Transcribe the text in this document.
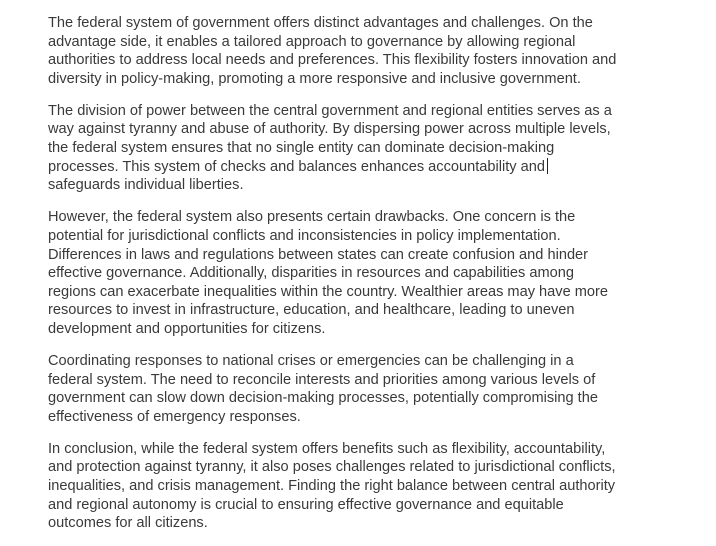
The federal system of government offers distinct advantages and challenges. On the
advantage side, it enables a tailored approach to governance by allowing regional
authorities to address local needs and preferences. This flexibility fosters innovation and
diversity in policy-making, promoting a more responsive and inclusive government.

The division of power between the central government and regional entities serves as a
way against tyranny and abuse of authority. By dispersing power across multiple levels,
the federal system ensures that no single entity can dominate decision-making
processes. This system of checks and balances enhances accountability and
safeguards individual liberties.

However, the federal system also presents certain drawbacks. One concern is the
potential for jurisdictional conflicts and inconsistencies in policy implementation.
Differences in laws and regulations between states can create confusion and hinder
effective governance. Additionally, disparities in resources and capabilities among
regions can exacerbate inequalities within the country. Wealthier areas may have more
resources to invest in infrastructure, education, and healthcare, leading to uneven
development and opportunities for citizens.

Coordinating responses to national crises or emergencies can be challenging in a
federal system. The need to reconcile interests and priorities among various levels of
government can slow down decision-making processes, potentially compromising the
effectiveness of emergency responses.

In conclusion, while the federal system offers benefits such as flexibility, accountability,
and protection against tyranny, it also poses challenges related to jurisdictional conflicts,
inequalities, and crisis management. Finding the right balance between central authority
and regional autonomy is crucial to ensuring effective governance and equitable
outcomes for all citizens.
